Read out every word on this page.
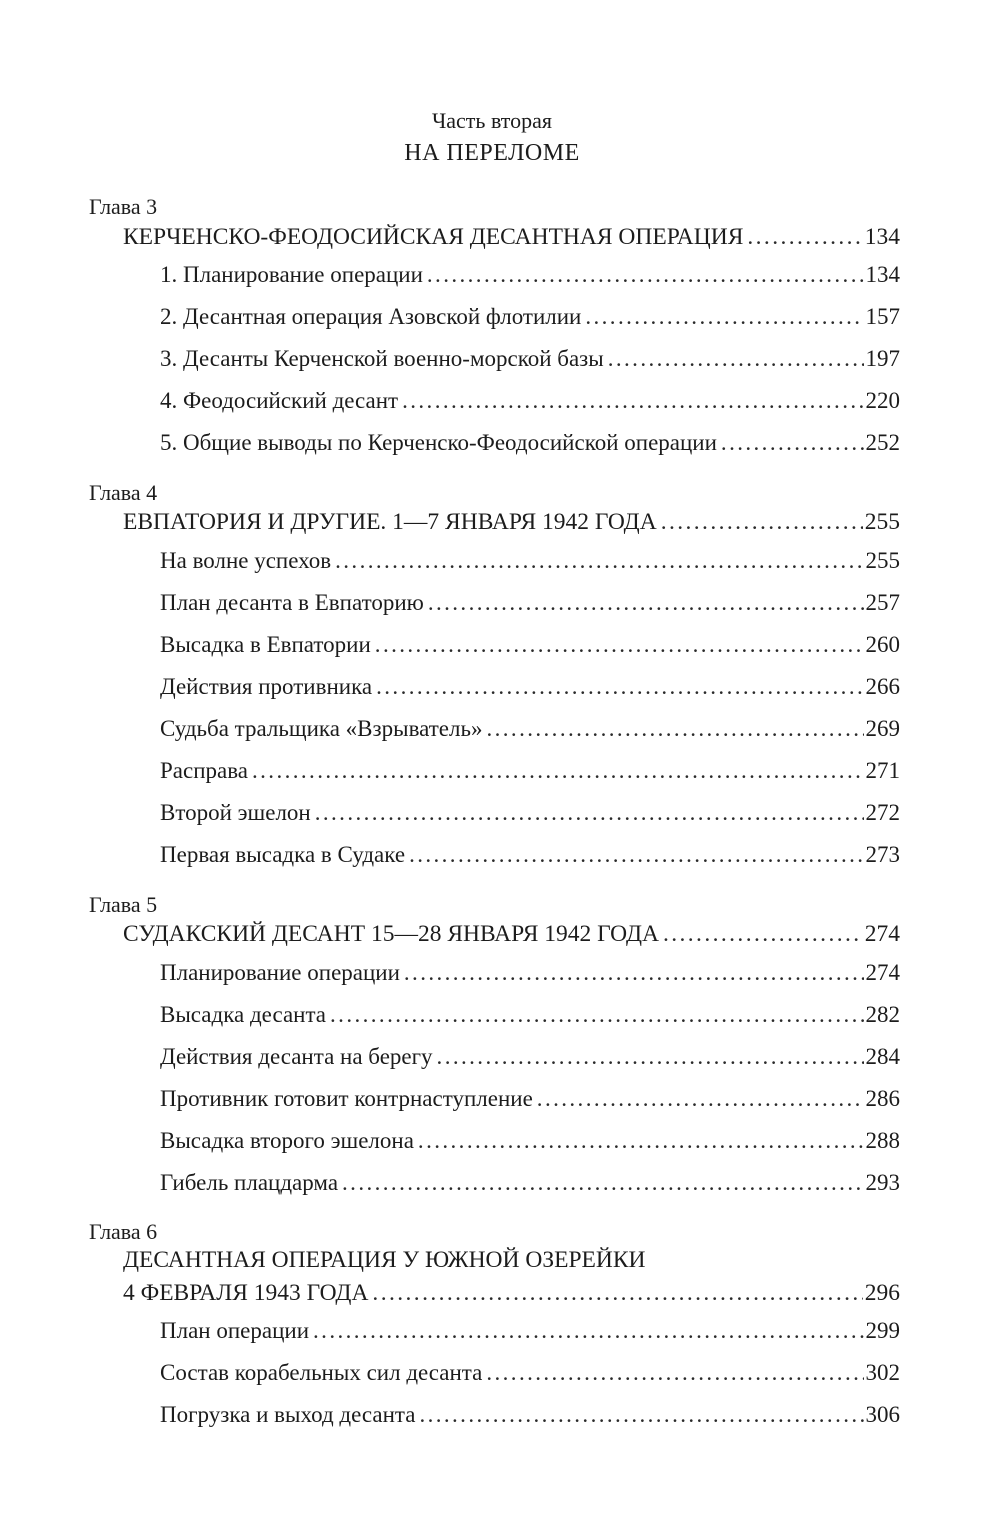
Часть вторая
НА ПЕРЕЛОМЕ
Глава 3
КЕРЧЕНСКО-ФЕОДОСИЙСКАЯ ДЕСАНТНАЯ ОПЕРАЦИЯ .....	134
1. Планирование операции .....	134
2. Десантная операция Азовской флотилии .....	157
3. Десанты Керченской военно-морской базы .....	197
4. Феодосийский десант .....	220
5. Общие выводы по Керченско-Феодосийской операции .....	252
Глава 4
ЕВПАТОРИЯ И ДРУГИЕ. 1—7 ЯНВАРЯ 1942 ГОДА .....	255
На волне успехов .....	255
План десанта в Евпаторию .....	257
Высадка в Евпатории .....	260
Действия противника .....	266
Судьба тральщика «Взрыватель» .....	269
Расправа .....	271
Второй эшелон .....	272
Первая высадка в Судаке .....	273
Глава 5
СУДАКСКИЙ ДЕСАНТ 15—28 ЯНВАРЯ 1942 ГОДА .....	274
Планирование операции .....	274
Высадка десанта .....	282
Действия десанта на берегу .....	284
Противник готовит контрнаступление .....	286
Высадка второго эшелона .....	288
Гибель плацдарма .....	293
Глава 6
ДЕСАНТНАЯ ОПЕРАЦИЯ У ЮЖНОЙ ОЗЕРЕЙКИ
4 ФЕВРАЛЯ 1943 ГОДА .....	296
План операции .....	299
Состав корабельных сил десанта .....	302
Погрузка и выход десанта .....	306
